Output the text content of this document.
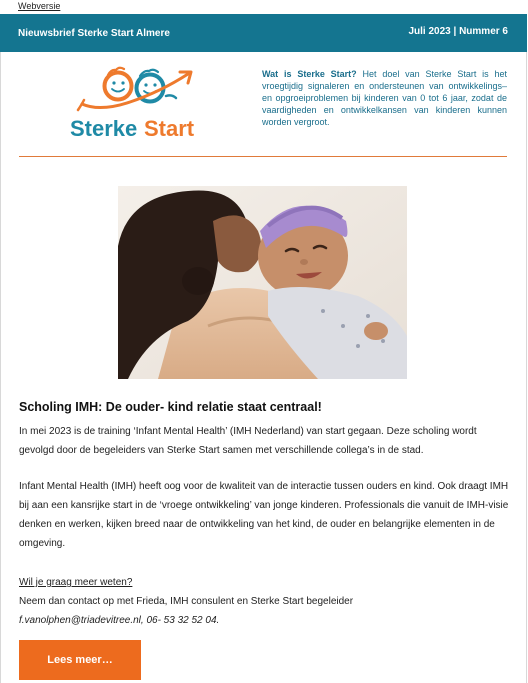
Webversie
Nieuwsbrief Sterke Start Almere	Juli 2023 | Nummer 6
Sterke Start
Wat is Sterke Start? Het doel van Sterke Start is het vroegtijdig signaleren en ondersteunen van ontwikkelings– en opgroeiproblemen bij kinderen van 0 tot 6 jaar, zodat de vaardigheden en ontwikkelkansen van kinderen kunnen worden vergroot.
Scholing IMH: De ouder- kind relatie staat centraal!
In mei 2023 is de training ‘Infant Mental Health’ (IMH Nederland) van start gegaan. Deze scholing wordt gevolgd door de begeleiders van Sterke Start samen met verschillende collega’s in de stad.
Infant Mental Health (IMH) heeft oog voor de kwaliteit van de interactie tussen ouders en kind. Ook draagt IMH bij aan een kansrijke start in de ‘vroege ontwikkeling’ van jonge kinderen. Professionals die vanuit de IMH-visie denken en werken, kijken breed naar de ontwikkeling van het kind, de ouder en belangrijke elementen in de omgeving.
Wil je graag meer weten?
Neem dan contact op met Frieda, IMH consulent en Sterke Start begeleider
f.vanolphen@triadevitree.nl, 06- 53 32 52 04.
Lees meer…
